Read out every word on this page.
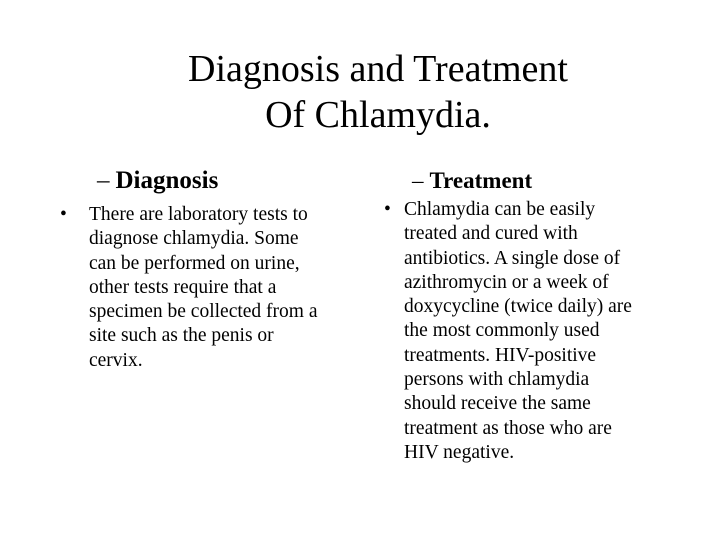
Diagnosis and Treatment
Of Chlamydia.
– Diagnosis
• There are laboratory tests to
diagnose chlamydia. Some
can be performed on urine,
other tests require that a
specimen be collected from a
site such as the penis or
cervix.
– Treatment
• Chlamydia can be easily
treated and cured with
antibiotics. A single dose of
azithromycin or a week of
doxycycline (twice daily) are
the most commonly used
treatments. HIV-positive
persons with chlamydia
should receive the same
treatment as those who are
HIV negative.
